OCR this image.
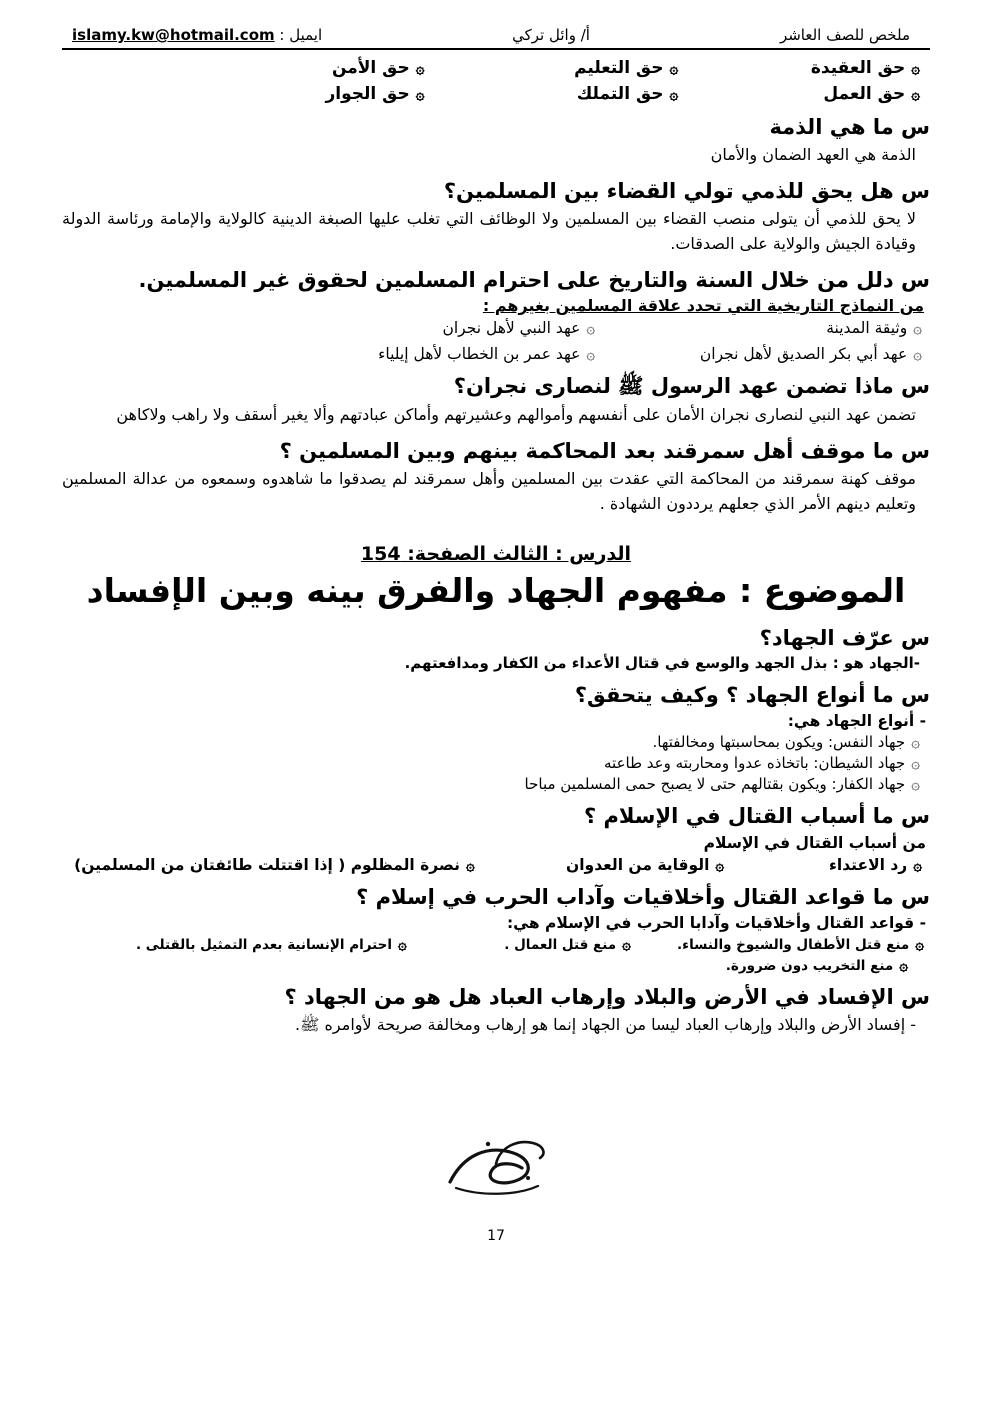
ملخص للصف العاشر
أ/ وائل تركي
ايميل : islamy.kw@hotmail.com
۞حق العقيدة
۞حق التعليم
۞حق الأمن
۞حق العمل
۞حق التملك
۞حق الجوار
س ما هي الذمة
الذمة هي العهد الضمان والأمان
س هل يحق للذمي تولي القضاء بين المسلمين؟
لا يحق للذمي أن يتولى منصب القضاء بين المسلمين ولا الوظائف التي تغلب عليها الصبغة الدينية كالولاية والإمامة ورئاسة الدولة وقيادة الجيش والولاية على الصدقات.
س دلل من خلال السنة والتاريخ على احترام المسلمين لحقوق غير المسلمين.
من النماذج التاريخية التي تحدد علاقة المسلمين بغيرهم :
۞وثيقة المدينة
۞عهد النبي لأهل نجران
۞عهد أبي بكر الصديق لأهل نجران
۞عهد عمر بن الخطاب لأهل إيلياء
س ماذا تضمن عهد الرسول ﷺ لنصارى نجران؟
تضمن عهد النبي لنصارى نجران الأمان على أنفسهم وأموالهم وعشيرتهم وأماكن عبادتهم وألا يغير أسقف ولا راهب ولاكاهن
س ما موقف أهل سمرقند بعد المحاكمة بينهم وبين المسلمين ؟
موقف كهنة سمرقند من المحاكمة التي عقدت بين المسلمين وأهل سمرقند لم يصدقوا ما شاهدوه وسمعوه من عدالة المسلمين وتعليم دينهم الأمر الذي جعلهم يرددون الشهادة .
الدرس : الثالث الصفحة: 154
الموضوع : مفهوم الجهاد والفرق بينه وبين الإفساد
س عرّف الجهاد؟
-الجهاد هو : بذل الجهد والوسع في قتال الأعداء من الكفار ومدافعتهم.
س ما أنواع الجهاد ؟ وكيف يتحقق؟
- أنواع الجهاد هي:
۞جهاد النفس: ويكون بمحاسبتها ومخالفتها.
۞جهاد الشيطان: باتخاذه عدوا ومحاربته وعد طاعته
۞جهاد الكفار: ويكون بقتالهم حتى لا يصبح حمى المسلمين مباحا
س ما أسباب القتال في الإسلام ؟
من أسباب القتال في الإسلام
۞رد الاعتداء
۞الوقاية من العدوان
۞نصرة المظلوم ( إذا اقتتلت طائفتان من المسلمين)
س ما قواعد القتال وأخلاقيات وآداب الحرب في إسلام ؟
- قواعد القتال وأخلاقيات وآدابا الحرب في الإسلام هي:
۞منع قتل الأطفال والشيوخ والنساء.
۞منع قتل العمال .
۞احترام الإنسانية بعدم التمثيل بالقتلى .
۞منع التخريب دون ضرورة.
س الإفساد في الأرض والبلاد وإرهاب العباد هل هو من الجهاد ؟
- إفساد الأرض والبلاد وإرهاب العباد ليسا من الجهاد إنما هو إرهاب ومخالفة صريحة لأوامره ﷺ.
17
